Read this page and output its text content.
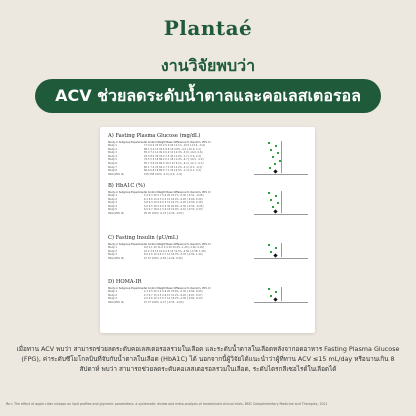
Plantaé
งานวิจัยพบว่า
ACV ช่วยลดระดับน้ำตาลและคอเลสเตอรอล
A) Fasting Plasma Glucose (mg/dL)
Study or Subgroup Experimental Control Weight Mean Difference IV, Random, 95% CI
Study 1	77.0 6.0 20 87.0 5.0 20 12.1% -10.0 [-13.4, -6.6]
Study 2	88.1 9.4 15 92.5 8.8 15 9.8% -4.4 [-10.9, 2.1]
Study 3	85.0 7.2 12 90.0 6.9 12 10.4% -5.0 [-10.6, 0.6]
Study 4	91.3 8.0 30 93.0 7.5 30 11.6% -1.7 [-5.6, 2.2]
Study 5	79.5 5.5 18 86.2 6.1 18 11.9% -6.7 [-10.5, -2.9]
Study 6	83.7 9.8 22 89.9 10.2 22 9.1% -6.2 [-12.1, -0.3]
Study 7	80.1 7.0 25 84.4 7.3 25 11.2% -4.3 [-8.3, -0.3]
Study 8	86.6 6.8 16 88.0 7.1 16 10.5% -1.4 [-6.2, 3.4]
Total (95% CI)	158 158 100% -4.9 [-6.9, -2.9]
B) HbA1C (%)
Study or Subgroup Experimental Control Weight Mean Difference IV, Random, 95% CI
Study 1	5.4 0.3 20 5.7 0.4 20 22.1% -0.30 [-0.52, -0.08]
Study 2	6.1 0.6 15 6.3 0.5 15 18.4% -0.20 [-0.60, 0.20]
Study 3	5.8 0.4 12 6.0 0.5 12 19.7% -0.20 [-0.56, 0.16]
Study 4	5.6 0.5 30 5.9 0.5 30 20.8% -0.30 [-0.55, -0.05]
Study 5	6.0 0.7 18 6.1 0.6 18 19.0% -0.10 [-0.53, 0.33]
Total (95% CI)	95 95 100% -0.23 [-0.39, -0.07]
C) Fasting Insulin (μU/mL)
Study or Subgroup Experimental Control Weight Mean Difference IV, Random, 95% CI
Study 1	9.8 2.1 20 11.0 2.4 20 34.2% -1.20 [-2.60, 0.20]
Study 2	10.4 3.0 15 10.9 2.8 15 31.5% -0.50 [-2.58, 1.58]
Study 3	8.9 2.6 12 9.6 2.7 12 34.3% -0.70 [-2.82, 1.42]
Total (95% CI)	47 47 100% -0.82 [-2.04, 0.40]
D) HOMA-IR
Study or Subgroup Experimental Control Weight Mean Difference IV, Random, 95% CI
Study 1	2.1 0.5 20 2.4 0.6 20 35.6% -0.30 [-0.64, 0.04]
Study 2	2.3 0.7 15 2.5 0.6 15 31.2% -0.20 [-0.67, 0.27]
Study 3	2.0 0.6 12 2.3 0.7 12 33.2% -0.30 [-0.82, 0.22]
Total (95% CI)	47 47 100% -0.27 [-0.52, -0.02]
เมื่อทาน ACV พบว่า สามารถช่วยลดระดับคอเลสเตอรอลรวมในเลือด และระดับน้ำตาลในเลือดหลังจากอดอาหาร Fasting Plasma Glucose (FPG), ค่าระดับซีโมโกลบินที่จับกับน้ำตาลในเลือด (HbA1C) ได้ นอกจากนี้ผู้วิจัยได้แนะนำว่าผู้ที่ทาน ACV ≤15 mL/day หรือนานเกิน 8 สัปดาห์ พบว่า สามารถช่วยลดระดับคอเลสเตอรอลรวมในเลือด, ระดับไตรกลีเซอไรด์ในเลือดได้
ที่มา: The effect of apple cider vinegar on lipid profiles and glycemic parameters: a systematic review and meta-analysis of randomized clinical trials. BMC Complementary Medicine and Therapies, 2021
